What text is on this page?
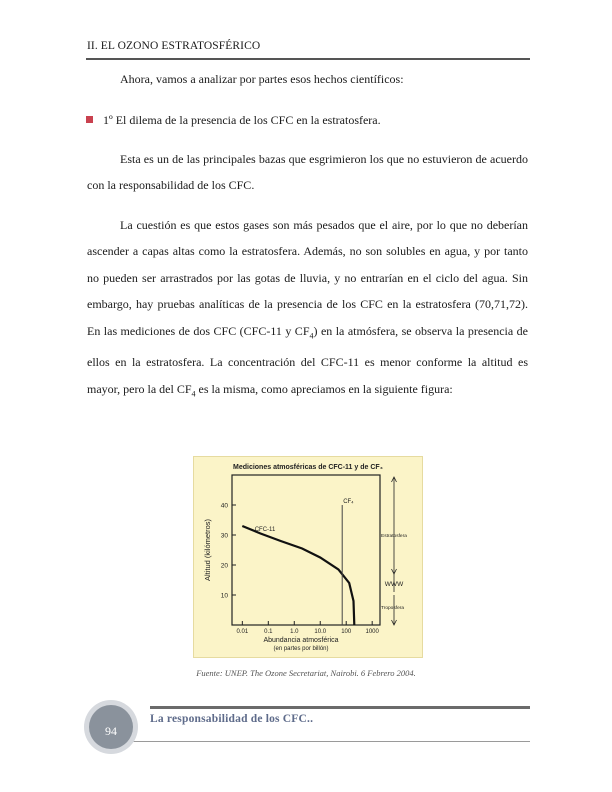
II. EL OZONO ESTRATOSFÉRICO
Ahora, vamos a analizar por partes esos hechos científicos:
1º El dilema de la presencia de los CFC en la estratosfera.
Esta es un de las principales bazas que esgrimieron los que no estuvieron de acuerdo con la responsabilidad de los CFC.
La cuestión es que estos gases son más pesados que el aire, por lo que no deberían ascender a capas altas como la estratosfera. Además, no son solubles en agua, y por tanto no pueden ser arrastrados por las gotas de lluvia, y no entrarían en el ciclo del agua. Sin embargo, hay pruebas analíticas de la presencia de los CFC en la estratosfera (70,71,72). En las mediciones de dos CFC (CFC-11 y $CF_4$) en la atmósfera, se observa la presencia de ellos en la estratosfera. La concentración del CFC-11 es menor conforme la altitud es mayor, pero la del $CF_4$ es la misma, como apreciamos en la siguiente figura:
Mediciones atmosféricas de CFC-11 y de CF₄
10
20
30
40
0.01	0.1	1.0	10.0	100 1000
Abundancia atmosférica
(en partes por billón)
Altitud (kilómetros)	CFC-11
CF₄
WWW
Estratosfera
Troposfera
Fuente: UNEP. The Ozone Secretariat, Nairobi. 6 Febrero 2004.
La responsabilidad de los CFC..
94
